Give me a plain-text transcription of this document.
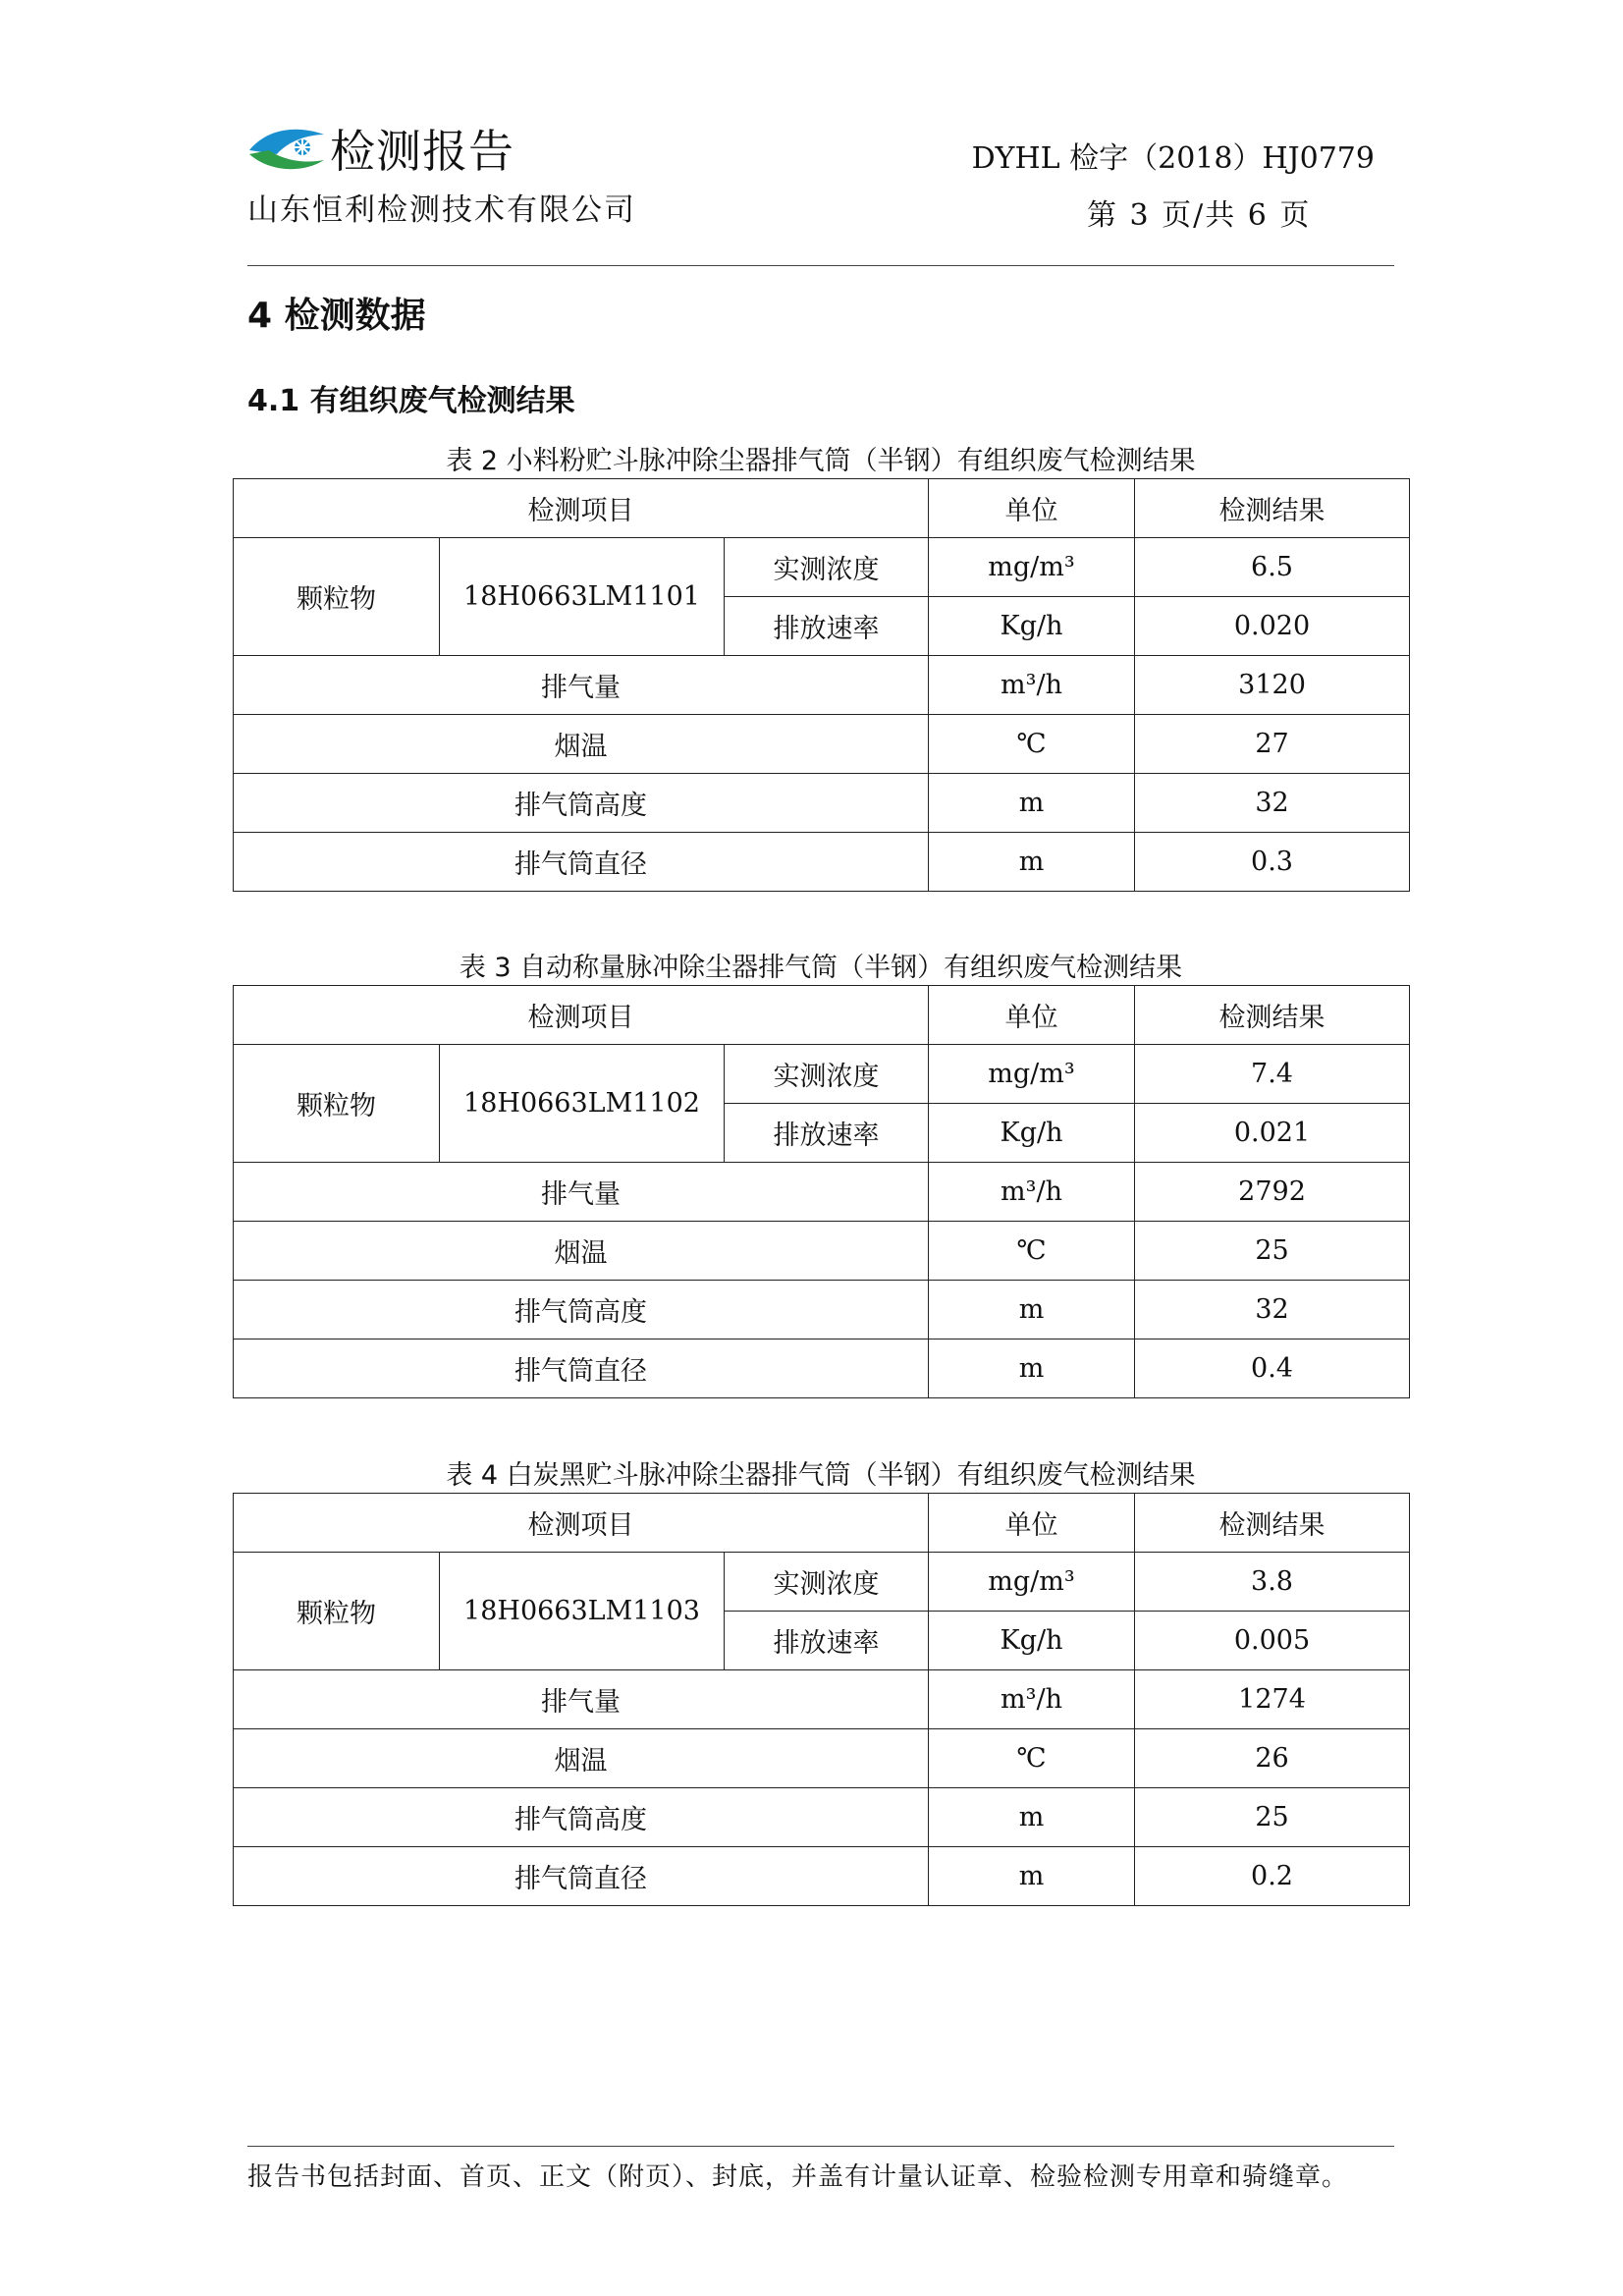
检测报告
山东恒利检测技术有限公司
DYHL 检字（2018）HJ0779
第 3 页/共 6 页
4 检测数据
4.1 有组织废气检测结果
表 2 小料粉贮斗脉冲除尘器排气筒（半钢）有组织废气检测结果
检测项目			单位	检测结果
颗粒物	18H0663LM1101	实测浓度	mg/m³	6.5
		排放速率	Kg/h	0.020
排气量			m³/h	3120
烟温			℃	27
排气筒高度			m	32
排气筒直径			m	0.3
表 3 自动称量脉冲除尘器排气筒（半钢）有组织废气检测结果
检测项目			单位	检测结果
颗粒物	18H0663LM1102	实测浓度	mg/m³	7.4
		排放速率	Kg/h	0.021
排气量			m³/h	2792
烟温			℃	25
排气筒高度			m	32
排气筒直径			m	0.4
表 4 白炭黑贮斗脉冲除尘器排气筒（半钢）有组织废气检测结果
检测项目			单位	检测结果
颗粒物	18H0663LM1103	实测浓度	mg/m³	3.8
		排放速率	Kg/h	0.005
排气量			m³/h	1274
烟温			℃	26
排气筒高度			m	25
排气筒直径			m	0.2
报告书包括封面、首页、正文（附页）、封底，并盖有计量认证章、检验检测专用章和骑缝章。
